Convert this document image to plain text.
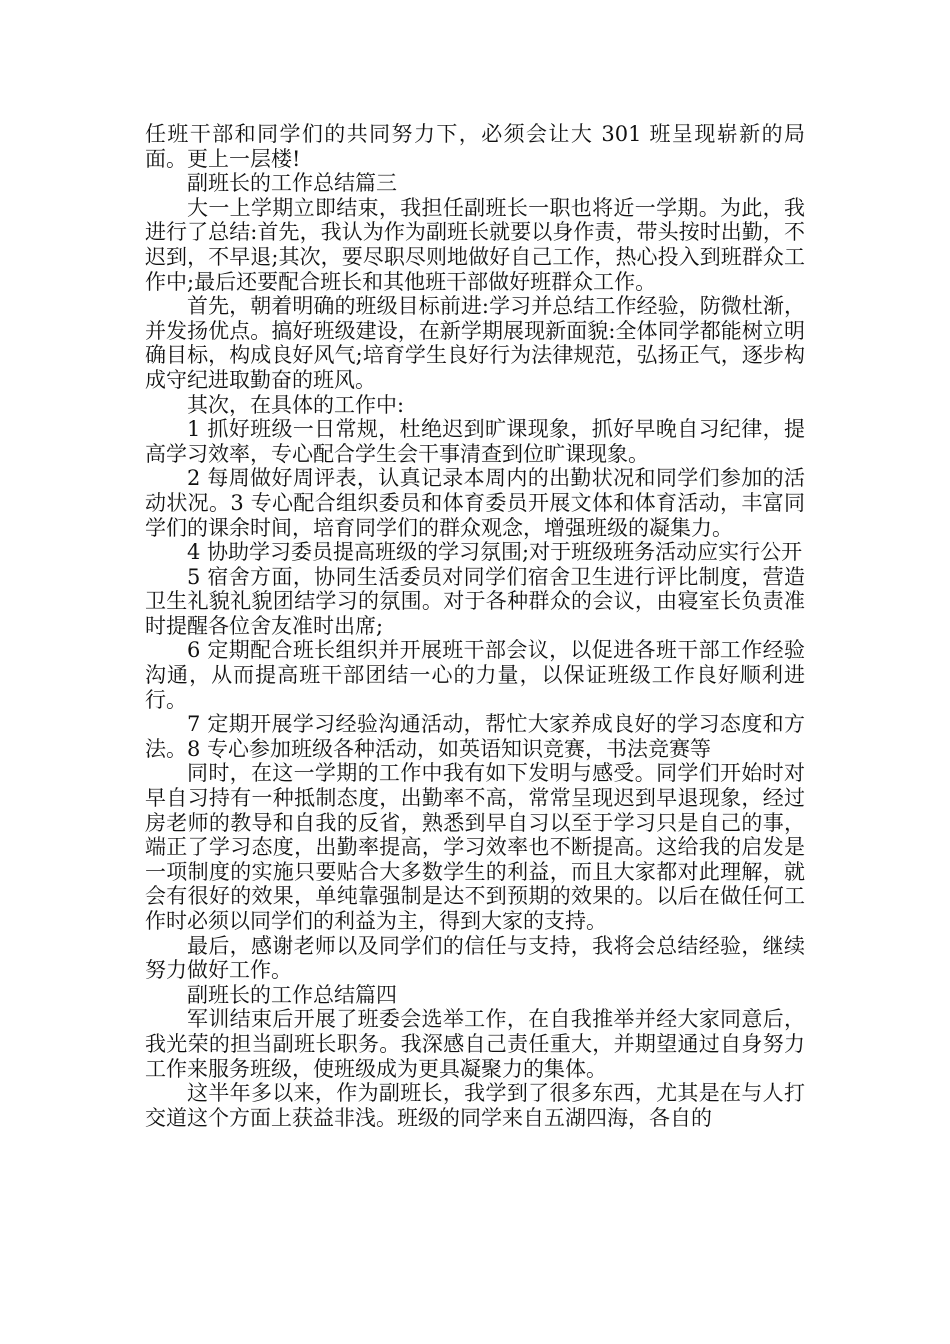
任班干部和同学们的共同努力下，必须会让大 301 班呈现崭新的局面。更上一层楼!

副班长的工作总结篇三

大一上学期立即结束，我担任副班长一职也将近一学期。为此，我进行了总结:首先，我认为作为副班长就要以身作责，带头按时出勤，不迟到，不早退;其次，要尽职尽则地做好自己工作，热心投入到班群众工作中;最后还要配合班长和其他班干部做好班群众工作。

首先，朝着明确的班级目标前进:学习并总结工作经验，防微杜渐，并发扬优点。搞好班级建设，在新学期展现新面貌:全体同学都能树立明确目标，构成良好风气;培育学生良好行为法律规范，弘扬正气，逐步构成守纪进取勤奋的班风。

其次，在具体的工作中:

1 抓好班级一日常规，杜绝迟到旷课现象，抓好早晚自习纪律，提高学习效率，专心配合学生会干事清查到位旷课现象。

2 每周做好周评表，认真记录本周内的出勤状况和同学们参加的活动状况。3 专心配合组织委员和体育委员开展文体和体育活动，丰富同学们的课余时间，培育同学们的群众观念，增强班级的凝集力。

4 协助学习委员提高班级的学习氛围;对于班级班务活动应实行公开

5 宿舍方面，协同生活委员对同学们宿舍卫生进行评比制度，营造卫生礼貌礼貌团结学习的氛围。对于各种群众的会议，由寝室长负责准时提醒各位舍友准时出席;

6 定期配合班长组织并开展班干部会议，以促进各班干部工作经验沟通，从而提高班干部团结一心的力量，以保证班级工作良好顺利进行。

7 定期开展学习经验沟通活动，帮忙大家养成良好的学习态度和方法。8 专心参加班级各种活动，如英语知识竞赛，书法竞赛等

同时，在这一学期的工作中我有如下发明与感受。同学们开始时对早自习持有一种抵制态度，出勤率不高，常常呈现迟到早退现象，经过房老师的教导和自我的反省，熟悉到早自习以至于学习只是自己的事，端正了学习态度，出勤率提高，学习效率也不断提高。这给我的启发是一项制度的实施只要贴合大多数学生的利益，而且大家都对此理解，就会有很好的效果，单纯靠强制是达不到预期的效果的。以后在做任何工作时必须以同学们的利益为主，得到大家的支持。

最后，感谢老师以及同学们的信任与支持，我将会总结经验，继续努力做好工作。

副班长的工作总结篇四

军训结束后开展了班委会选举工作，在自我推举并经大家同意后，我光荣的担当副班长职务。我深感自己责任重大，并期望通过自身努力工作来服务班级，使班级成为更具凝聚力的集体。

这半年多以来，作为副班长，我学到了很多东西，尤其是在与人打交道这个方面上获益非浅。班级的同学来自五湖四海，各自的
